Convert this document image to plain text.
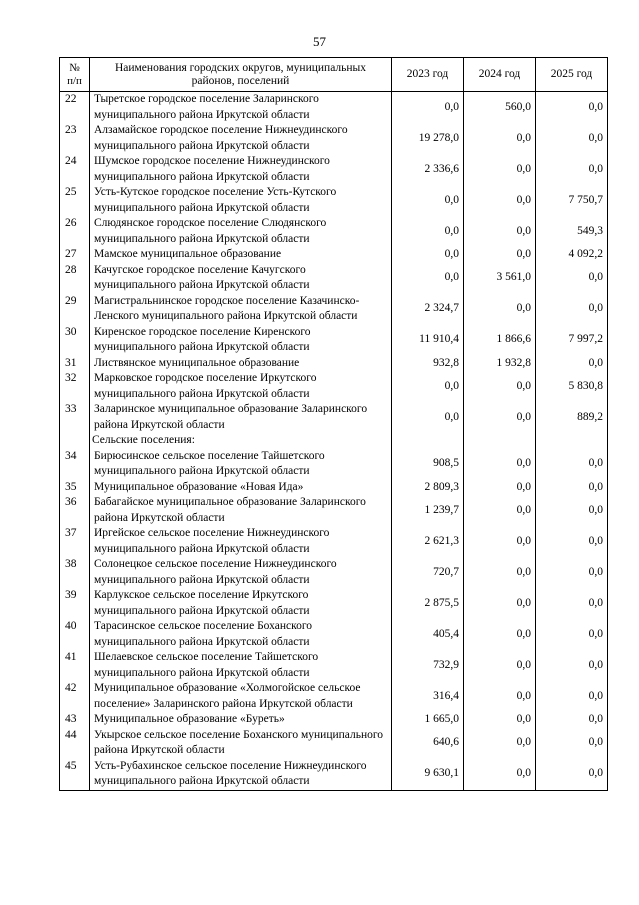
57
№
п/п	Наименования городских округов, муниципальных районов, поселений	2023 год	2024 год	2025 год
22	Тыретское городское поселение Заларинского муниципального района Иркутской области	0,0	560,0	0,0
23	Алзамайское городское поселение Нижнеудинского муниципального района Иркутской области	19 278,0	0,0	0,0
24	Шумское городское поселение Нижнеудинского муниципального района Иркутской области	2 336,6	0,0	0,0
25	Усть-Кутское городское поселение Усть-Кутского муниципального района Иркутской области	0,0	0,0	7 750,7
26	Слюдянское городское поселение Слюдянского муниципального района Иркутской области	0,0	0,0	549,3
27	Мамское муниципальное образование	0,0	0,0	4 092,2
28	Качугское городское поселение Качугского муниципального района Иркутской области	0,0	3 561,0	0,0
29	Магистральнинское городское поселение Казачинско-Ленского муниципального района Иркутской области	2 324,7	0,0	0,0
30	Киренское городское поселение Киренского муниципального района Иркутской области	11 910,4	1 866,6	7 997,2
31	Листвянское муниципальное образование	932,8	1 932,8	0,0
32	Марковское городское поселение Иркутского муниципального района Иркутской области	0,0	0,0	5 830,8
33	Заларинское муниципальное образование Заларинского района Иркутской области	0,0	0,0	889,2
	Сельские поселения:			
34	Бирюсинское сельское поселение Тайшетского муниципального района Иркутской области	908,5	0,0	0,0
35	Муниципальное образование «Новая Ида»	2 809,3	0,0	0,0
36	Бабагайское муниципальное образование Заларинского района Иркутской области	1 239,7	0,0	0,0
37	Иргейское сельское поселение Нижнеудинского муниципального района Иркутской области	2 621,3	0,0	0,0
38	Солонецкое сельское поселение Нижнеудинского муниципального района Иркутской области	720,7	0,0	0,0
39	Карлукское сельское поселение Иркутского муниципального района Иркутской области	2 875,5	0,0	0,0
40	Тарасинское сельское поселение Боханского муниципального района Иркутской области	405,4	0,0	0,0
41	Шелаевское сельское поселение Тайшетского муниципального района Иркутской области	732,9	0,0	0,0
42	Муниципальное образование «Холмогойское сельское поселение» Заларинского района Иркутской области	316,4	0,0	0,0
43	Муниципальное образование «Буреть»	1 665,0	0,0	0,0
44	Укырское сельское поселение Боханского муниципального района Иркутской области	640,6	0,0	0,0
45	Усть-Рубахинское сельское поселение Нижнеудинского муниципального района Иркутской области	9 630,1	0,0	0,0
